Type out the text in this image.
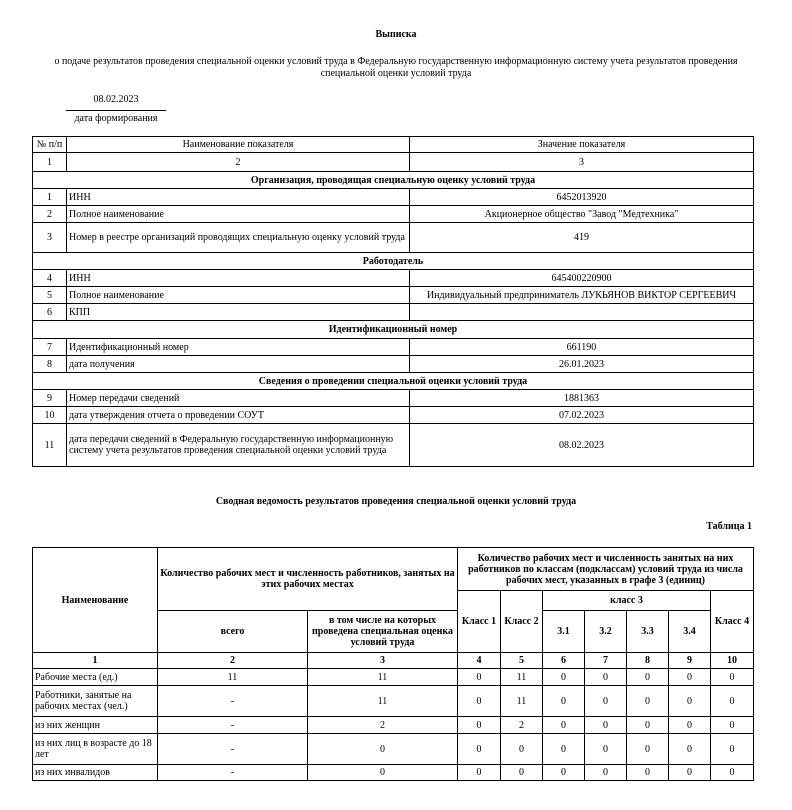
Выписка
о подаче результатов проведения специальной оценки условий труда в Федеральную государственную информационную систему учета результатов проведения специальной оценки условий труда
08.02.2023
дата формирования
№ п/п	Наименование показателя	Значение показателя
1	2	3
Организация, проводящая специальную оценку условий труда		
1	ИНН	6452013920
2	Полное наименование	Акционерное общество "Завод "Медтехника"
3	Номер в реестре организаций проводящих специальную оценку условий труда	419
Работодатель		
4	ИНН	645400220900
5	Полное наименование	Индивидуальный предприниматель ЛУКЬЯНОВ ВИКТОР СЕРГЕЕВИЧ
6	КПП	
Идентификационный номер		
7	Идентификационный номер	661190
8	дата получения	26.01.2023
Сведения о проведении специальной оценки условий труда		
9	Номер передачи сведений	1881363
10	дата утверждения отчета о проведении СОУТ	07.02.2023
11	дата передачи сведений в Федеральную государственную информационную систему учета результатов проведения специальной оценки условий труда	08.02.2023
Сводная ведомость результатов проведения специальной оценки условий труда
Таблица 1
Наименование	Количество рабочих мест и численность работников, занятых на этих рабочих местах		Количество рабочих мест и численность занятых на них работников по классам (подклассам) условий труда из числа рабочих мест, указанных в графе 3 (единиц)						
			Класс 1	Класс 2	класс 3				Класс 4
	всего	в том числе на которых проведена специальная оценка условий труда			3.1	3.2	3.3	3.4	
1	2	3	4	5	6	7	8	9	10
Рабочие места (ед.)	11	11	0	11	0	0	0	0	0
Работники, занятые на рабочих местах (чел.)	-	11	0	11	0	0	0	0	0
из них женщин	-	2	0	2	0	0	0	0	0
из них лиц в возрасте до 18 лет	-	0	0	0	0	0	0	0	0
из них инвалидов	-	0	0	0	0	0	0	0	0
